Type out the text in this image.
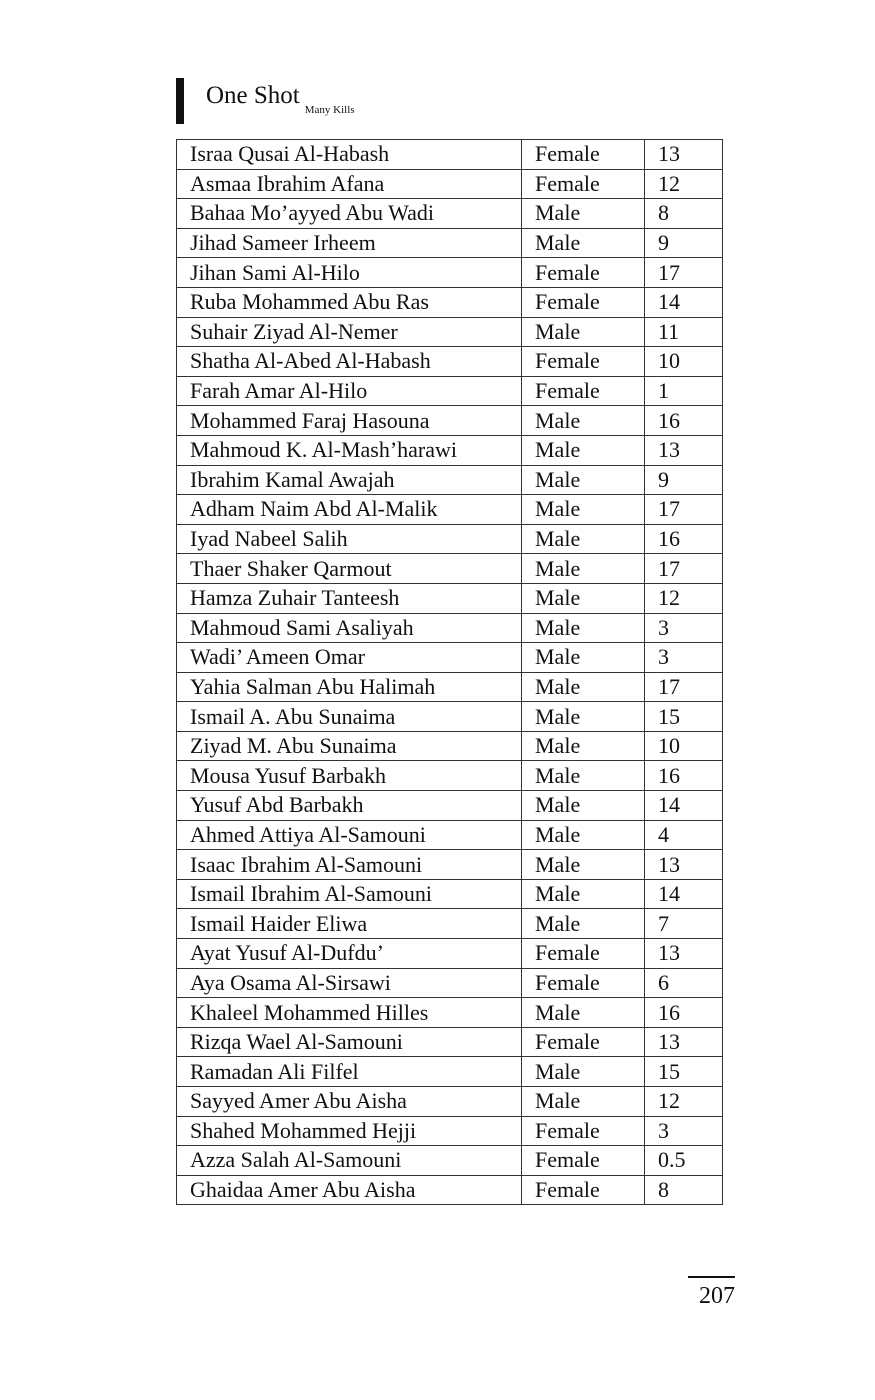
One Shot
Many Kills
Israa Qusai Al-Habash	Female	13
Asmaa Ibrahim Afana	Female	12
Bahaa Mo’ayyed Abu Wadi	Male	8
Jihad Sameer Irheem	Male	9
Jihan Sami Al-Hilo	Female	17
Ruba Mohammed Abu Ras	Female	14
Suhair Ziyad Al-Nemer	Male	11
Shatha Al-Abed Al-Habash	Female	10
Farah Amar Al-Hilo	Female	1
Mohammed Faraj Hasouna	Male	16
Mahmoud K. Al-Mash’harawi	Male	13
Ibrahim Kamal Awajah	Male	9
Adham Naim Abd Al-Malik	Male	17
Iyad Nabeel Salih	Male	16
Thaer Shaker Qarmout	Male	17
Hamza Zuhair Tanteesh	Male	12
Mahmoud Sami Asaliyah	Male	3
Wadi’ Ameen Omar	Male	3
Yahia Salman Abu Halimah	Male	17
Ismail A. Abu Sunaima	Male	15
Ziyad M. Abu Sunaima	Male	10
Mousa Yusuf Barbakh	Male	16
Yusuf Abd Barbakh	Male	14
Ahmed Attiya Al-Samouni	Male	4
Isaac Ibrahim Al-Samouni	Male	13
Ismail Ibrahim Al-Samouni	Male	14
Ismail Haider Eliwa	Male	7
Ayat Yusuf Al-Dufdu’	Female	13
Aya Osama Al-Sirsawi	Female	6
Khaleel Mohammed Hilles	Male	16
Rizqa Wael Al-Samouni	Female	13
Ramadan Ali Filfel	Male	15
Sayyed Amer Abu Aisha	Male	12
Shahed Mohammed Hejji	Female	3
Azza Salah Al-Samouni	Female	0.5
Ghaidaa Amer Abu Aisha	Female	8
207
